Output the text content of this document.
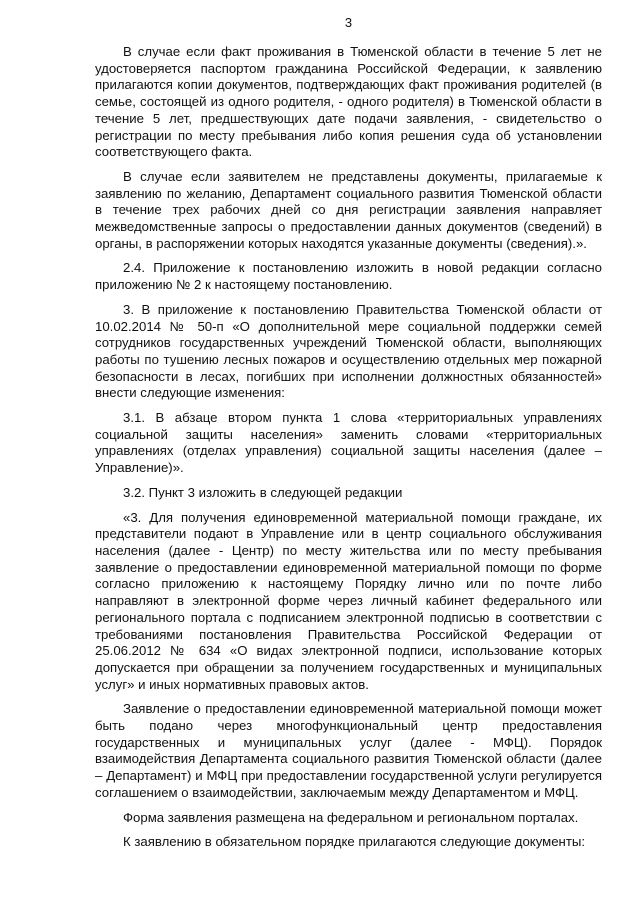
3

В случае если факт проживания в Тюменской области в течение 5 лет не удостоверяется паспортом гражданина Российской Федерации, к заявлению прилагаются копии документов, подтверждающих факт проживания родителей (в семье, состоящей из одного родителя, - одного родителя) в Тюменской области в течение 5 лет, предшествующих дате подачи заявления, - свидетельство о регистрации по месту пребывания либо копия решения суда об установлении соответствующего факта.

В случае если заявителем не представлены документы, прилагаемые к заявлению по желанию, Департамент социального развития Тюменской области в течение трех рабочих дней со дня регистрации заявления направляет межведомственные запросы о предоставлении данных документов (сведений) в органы, в распоряжении которых находятся указанные документы (сведения).».

2.4. Приложение к постановлению изложить в новой редакции согласно приложению № 2 к настоящему постановлению.

3. В приложение к постановлению Правительства Тюменской области от 10.02.2014 № 50-п «О дополнительной мере социальной поддержки семей сотрудников государственных учреждений Тюменской области, выполняющих работы по тушению лесных пожаров и осуществлению отдельных мер пожарной безопасности в лесах, погибших при исполнении должностных обязанностей» внести следующие изменения:

3.1. В абзаце втором пункта 1 слова «территориальных управлениях социальной защиты населения» заменить словами «территориальных управлениях (отделах управления) социальной защиты населения (далее – Управление)».

3.2. Пункт 3 изложить в следующей редакции

«3. Для получения единовременной материальной помощи граждане, их представители подают в Управление или в центр социального обслуживания населения (далее - Центр) по месту жительства или по месту пребывания заявление о предоставлении единовременной материальной помощи по форме согласно приложению к настоящему Порядку лично или по почте либо направляют в электронной форме через личный кабинет федерального или регионального портала с подписанием электронной подписью в соответствии с требованиями постановления Правительства Российской Федерации от 25.06.2012 № 634 «О видах электронной подписи, использование которых допускается при обращении за получением государственных и муниципальных услуг» и иных нормативных правовых актов.

Заявление о предоставлении единовременной материальной помощи может быть подано через многофункциональный центр предоставления государственных и муниципальных услуг (далее - МФЦ). Порядок взаимодействия Департамента социального развития Тюменской области (далее – Департамент) и МФЦ при предоставлении государственной услуги регулируется соглашением о взаимодействии, заключаемым между Департаментом и МФЦ.

Форма заявления размещена на федеральном и региональном порталах.

К заявлению в обязательном порядке прилагаются следующие документы:
